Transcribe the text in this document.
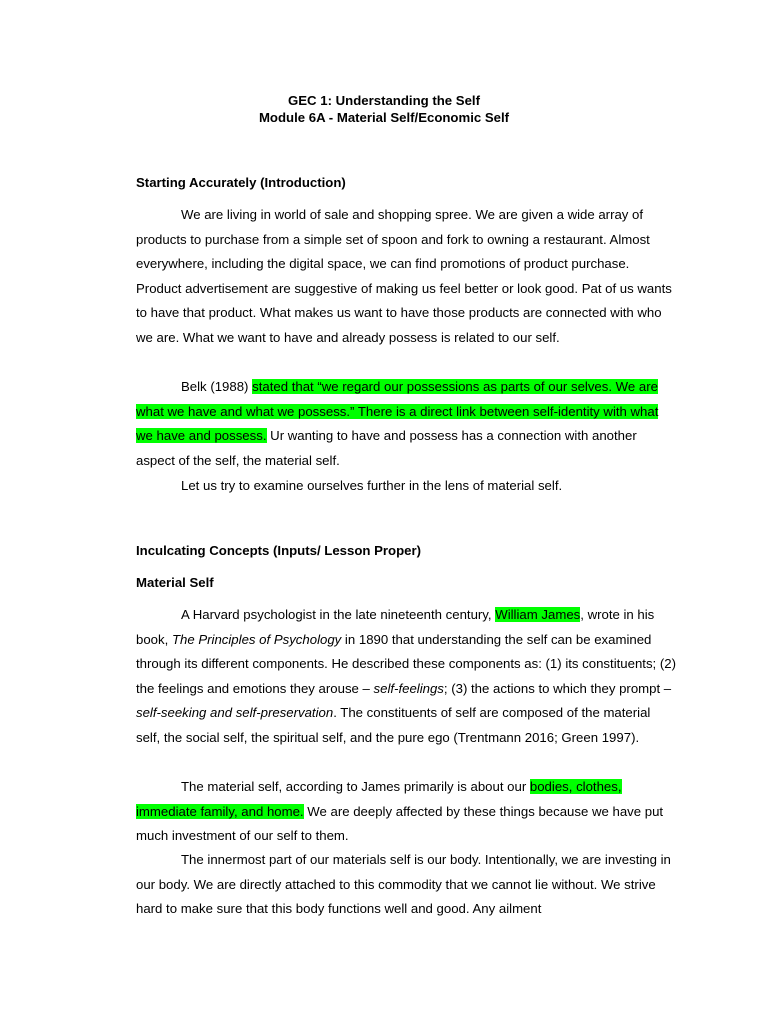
GEC 1: Understanding the Self
Module 6A - Material Self/Economic Self
Starting Accurately (Introduction)

We are living in world of sale and shopping spree. We are given a wide array of products to purchase from a simple set of spoon and fork to owning a restaurant. Almost everywhere, including the digital space, we can find promotions of product purchase. Product advertisement are suggestive of making us feel better or look good. Pat of us wants to have that product. What makes us want to have those products are connected with who we are. What we want to have and already possess is related to our self.

Belk (1988) stated that “we regard our possessions as parts of our selves. We are what we have and what we possess.” There is a direct link between self-identity with what we have and possess. Ur wanting to have and possess has a connection with another aspect of the self, the material self.

Let us try to examine ourselves further in the lens of material self.

Inculcating Concepts (Inputs/ Lesson Proper)
Material Self

A Harvard psychologist in the late nineteenth century, William James, wrote in his book, The Principles of Psychology in 1890 that understanding the self can be examined through its different components. He described these components as: (1) its constituents; (2) the feelings and emotions they arouse – self-feelings; (3) the actions to which they prompt – self-seeking and self-preservation. The constituents of self are composed of the material self, the social self, the spiritual self, and the pure ego (Trentmann 2016; Green 1997).

The material self, according to James primarily is about our bodies, clothes, immediate family, and home. We are deeply affected by these things because we have put much investment of our self to them.

The innermost part of our materials self is our body. Intentionally, we are investing in our body. We are directly attached to this commodity that we cannot lie without. We strive hard to make sure that this body functions well and good. Any ailment
